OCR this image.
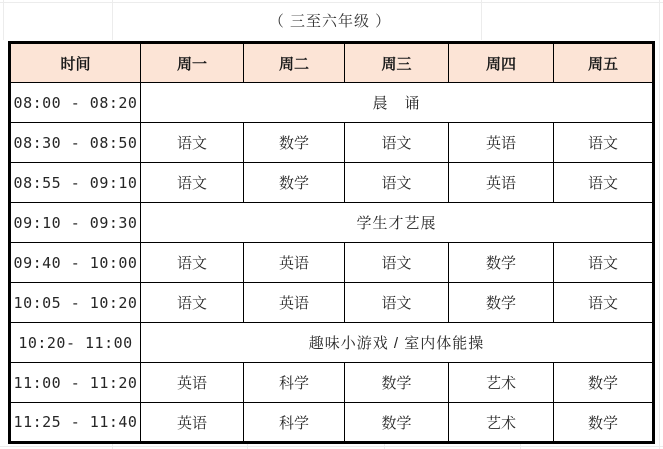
（ 三至六年级 ）
时间	周一	周二	周三	周四	周五
08:00 - 08:20	晨　诵				
08:30 - 08:50	语文	数学	语文	英语	语文
08:55 - 09:10	语文	数学	语文	英语	语文
09:10 - 09:30	学生才艺展				
09:40 - 10:00	语文	英语	语文	数学	语文
10:05 - 10:20	语文	英语	语文	数学	语文
10:20- 11:00	趣味小游戏 / 室内体能操				
11:00 - 11:20	英语	科学	数学	艺术	数学
11:25 - 11:40	英语	科学	数学	艺术	数学
